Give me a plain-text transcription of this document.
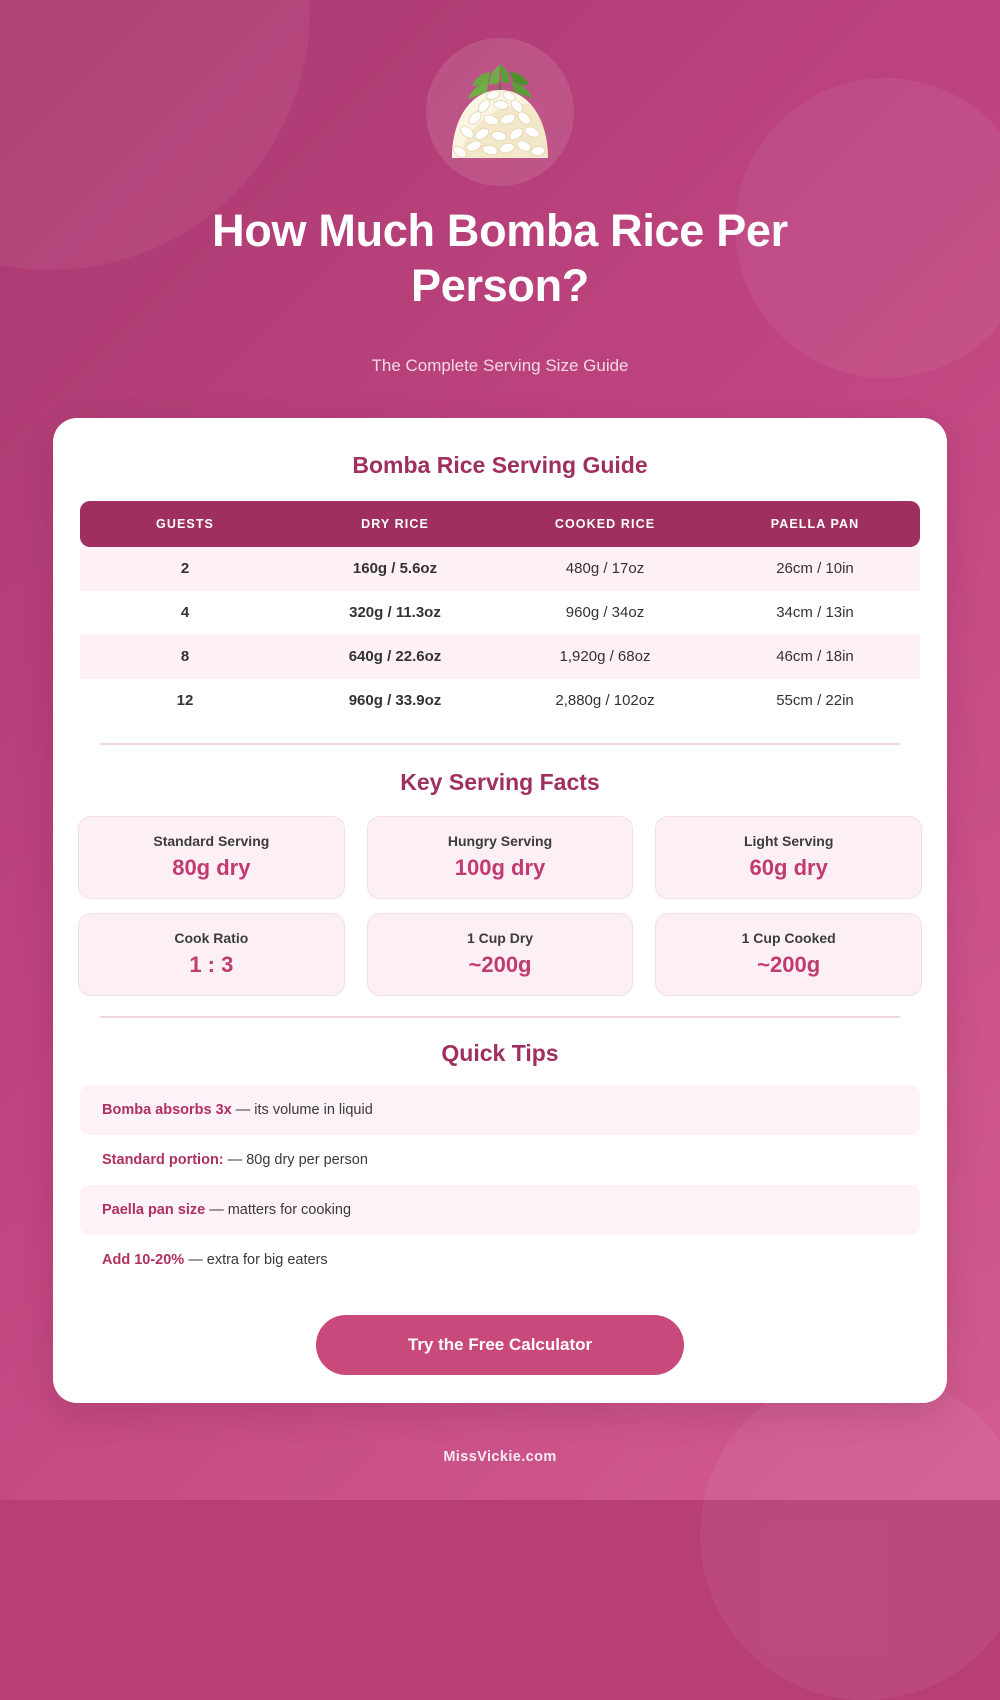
How Much Bomba Rice Per Person?
The Complete Serving Size Guide
Bomba Rice Serving Guide
GUESTS	DRY RICE	COOKED RICE	PAELLA PAN
2	160g / 5.6oz	480g / 17oz	26cm / 10in
4	320g / 11.3oz	960g / 34oz	34cm / 13in
8	640g / 22.6oz	1,920g / 68oz	46cm / 18in
12	960g / 33.9oz	2,880g / 102oz	55cm / 22in
Key Serving Facts
Standard Serving
80g dry
Hungry Serving
100g dry
Light Serving
60g dry
Cook Ratio
1 : 3
1 Cup Dry
~200g
1 Cup Cooked
~200g
Quick Tips
Bomba absorbs 3x — its volume in liquid
Standard portion: — 80g dry per person
Paella pan size — matters for cooking
Add 10-20% — extra for big eaters
Try the Free Calculator
MissVickie.com
